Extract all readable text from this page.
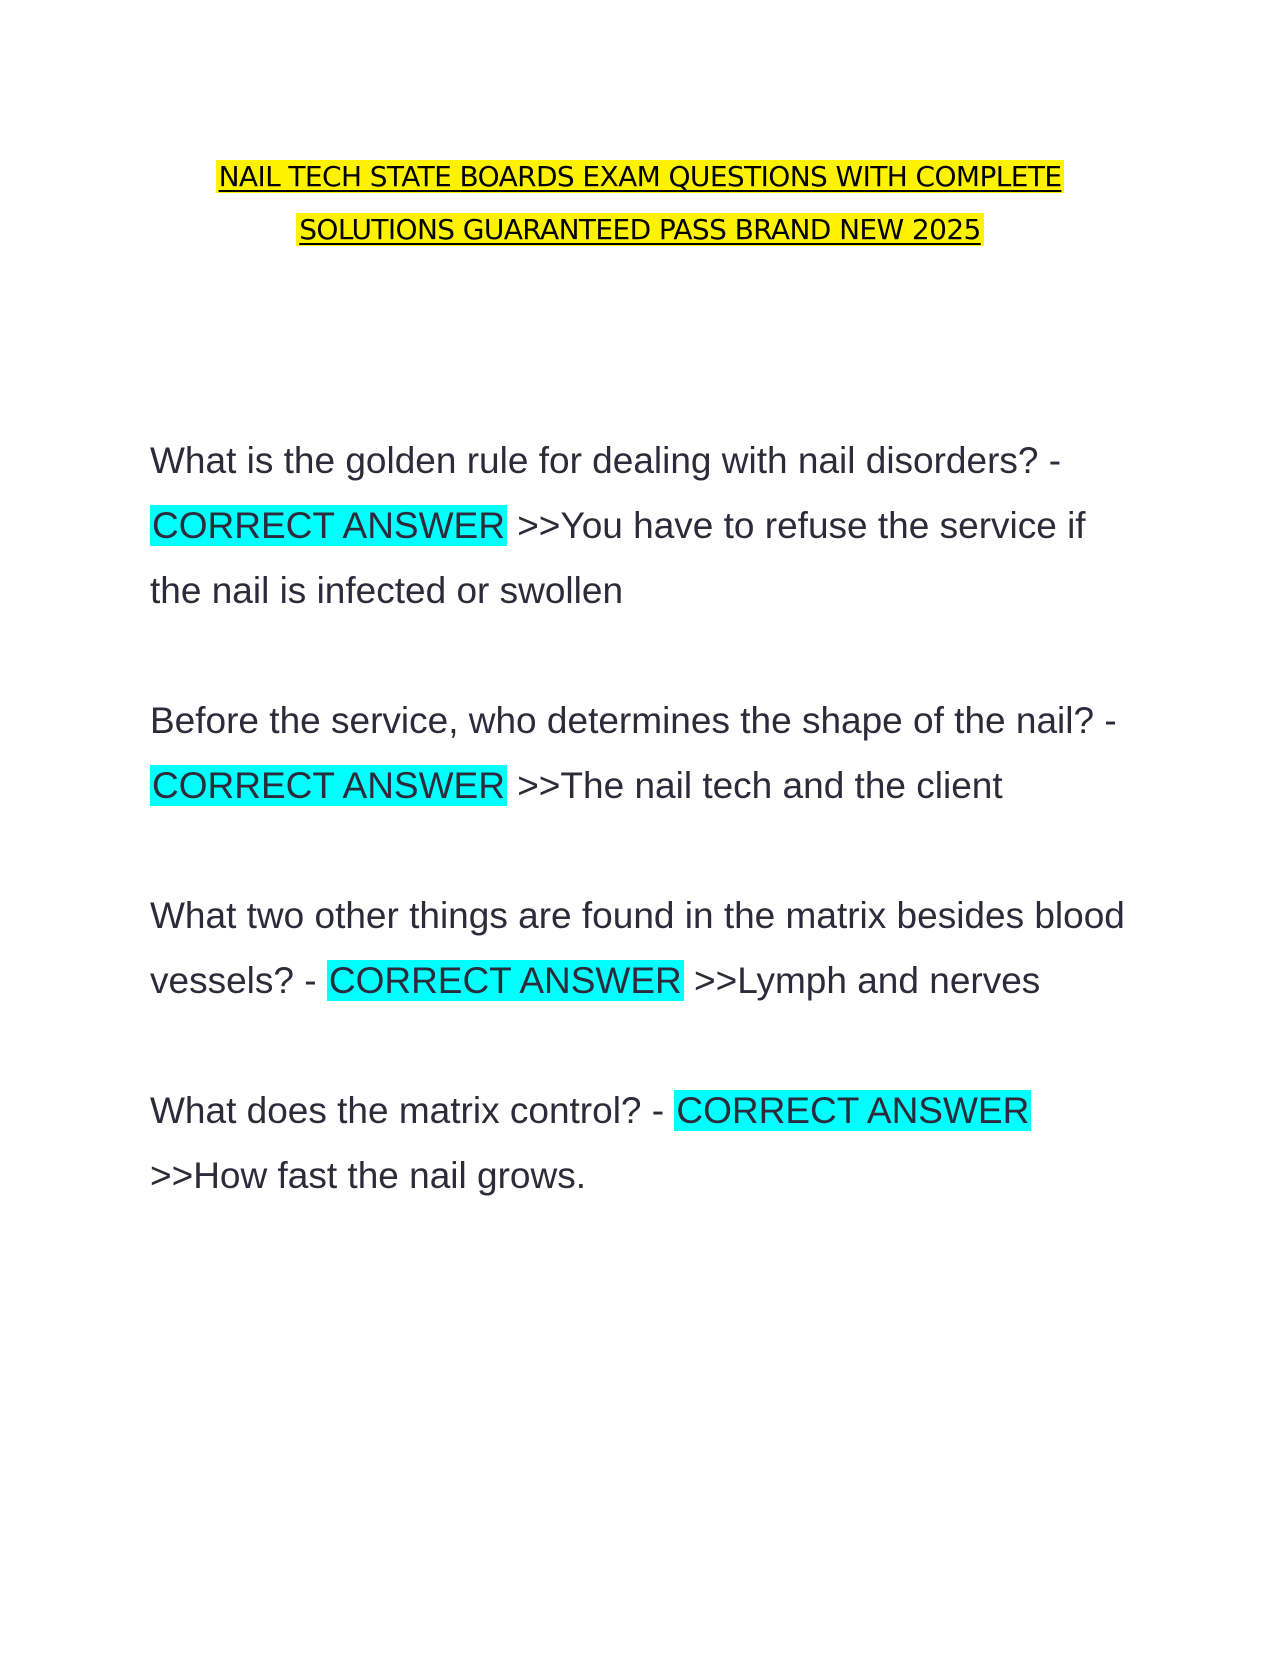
NAIL TECH STATE BOARDS EXAM QUESTIONS WITH COMPLETE
SOLUTIONS GUARANTEED PASS BRAND NEW 2025

What is the golden rule for dealing with nail disorders? - CORRECT ANSWER >>You have to refuse the service if the nail is infected or swollen

Before the service, who determines the shape of the nail? - CORRECT ANSWER >>The nail tech and the client

What two other things are found in the matrix besides blood vessels? - CORRECT ANSWER >>Lymph and nerves

What does the matrix control? - CORRECT ANSWER >>How fast the nail grows.
